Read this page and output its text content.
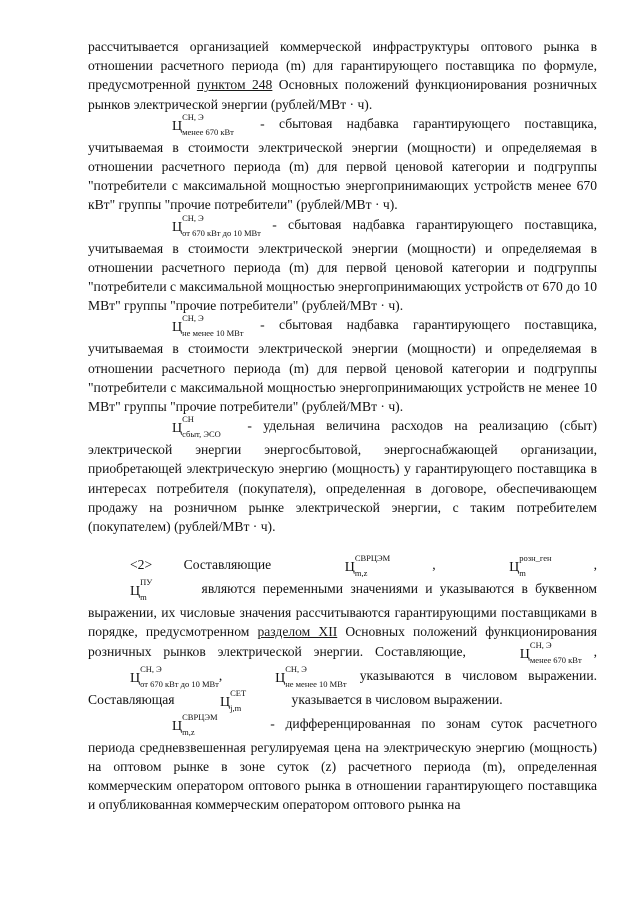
рассчитывается организацией коммерческой инфраструктуры оптового рынка в отношении расчетного периода (m) для гарантирующего поставщика по формуле, предусмотренной пунктом 248 Основных положений функционирования розничных рынков электрической энергии (рублей/МВт · ч).

Ц
СН, Э
$_{менее 670 кВт}$ - сбытовая надбавка гарантирующего поставщика, учитываемая в стоимости электрической энергии (мощности) и определяемая в отношении расчетного периода (m) для первой ценовой категории и подгруппы "потребители с максимальной мощностью энергопринимающих устройств менее 670 кВт" группы "прочие потребители" (рублей/МВт · ч).

Ц
СН, Э
$_{от 670 кВт до 10 МВт}$ - сбытовая надбавка гарантирующего поставщика, учитываемая в стоимости электрической энергии (мощности) и определяемая в отношении расчетного периода (m) для первой ценовой категории и подгруппы "потребители с максимальной мощностью энергопринимающих устройств от 670 до 10 МВт" группы "прочие потребители" (рублей/МВт · ч).

Ц
СН, Э
$_{не менее 10 МВт}$ - сбытовая надбавка гарантирующего поставщика, учитываемая в стоимости электрической энергии (мощности) и определяемая в отношении расчетного периода (m) для первой ценовой категории и подгруппы "потребители с максимальной мощностью энергопринимающих устройств не менее 10 МВт" группы "прочие потребители" (рублей/МВт · ч).

Ц
СН
$_{сбыт, ЭСО}$ - удельная величина расходов на реализацию (сбыт) электрической энергии энергосбытовой, энергоснабжающей организации, приобретающей электрическую энергию (мощность) у гарантирующего поставщика в интересах потребителя (покупателя), определенная в договоре, обеспечивающем продажу на розничном рынке электрической энергии, с таким потребителем (покупателем) (рублей/МВт · ч).

<2> Составляющие	Ц
СВРЦЭМ
$_{m,z}$,	Ц
розн_ген
$_m$, Ц
ПУ
$_m$ являются переменными значениями и указываются в буквенном выражении, их числовые значения рассчитываются гарантирующими поставщиками в порядке, предусмотренном разделом XII Основных положений функционирования розничных рынков электрической энергии. Составляющие,	Ц
СН, Э
$_{менее 670 кВт}$, Ц
СН, Э
$_{от 670 кВт до 10 МВт}$,	Ц
СН, Э
$_{не менее 10 МВт}$ указываются в числовом выражении. Составляющая	Ц
СЕТ
$_{j,m}$ указывается в числовом выражении.

Ц
СВРЦЭМ
$_{m,z}$ - дифференцированная по зонам суток расчетного периода средневзвешенная регулируемая цена на электрическую энергию (мощность) на оптовом рынке в зоне суток (z) расчетного периода (m), определенная коммерческим оператором оптового рынка в отношении гарантирующего поставщика и опубликованная коммерческим оператором оптового рынка на
